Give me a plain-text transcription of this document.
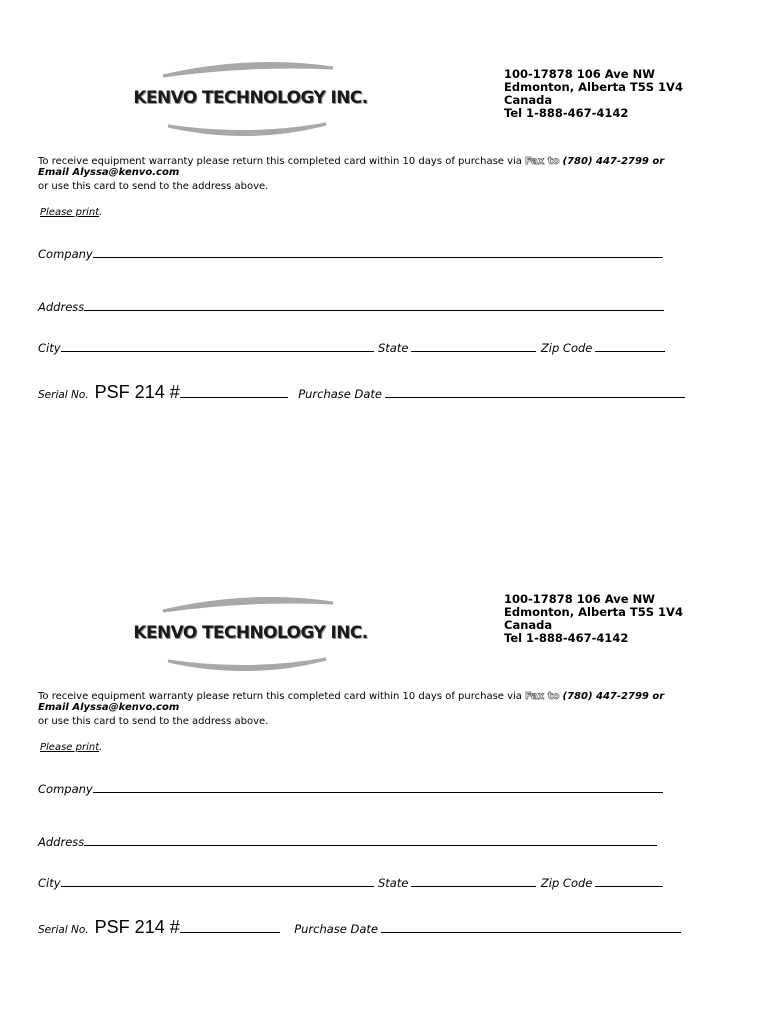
KENVO TECHNOLOGY INC.
100-17878 106 Ave NW
Edmonton, Alberta T5S 1V4
Canada
Tel 1-888-467-4142
To receive equipment warranty please return this completed card within 10 days of purchase via Fax to (780) 447-2799 or
Email Alyssa@kenvo.com
or use this card to send to the address above.
Please print.
Company
Address
City	State	Zip Code
Serial No. PSF 214 #	Purchase Date
KENVO TECHNOLOGY INC.
100-17878 106 Ave NW
Edmonton, Alberta T5S 1V4
Canada
Tel 1-888-467-4142
To receive equipment warranty please return this completed card within 10 days of purchase via Fax to (780) 447-2799 or
Email Alyssa@kenvo.com
or use this card to send to the address above.
Please print.
Company
Address
City	State	Zip Code
Serial No. PSF 214 #	Purchase Date
